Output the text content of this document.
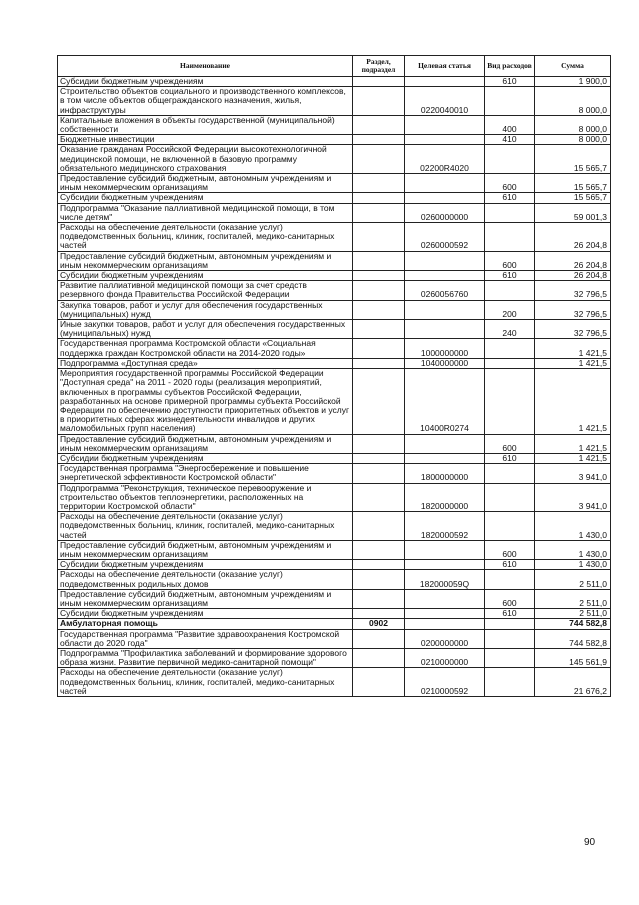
Наименование	Раздел, подраздел	Целевая статья	Вид расходов	Сумма
Субсидии бюджетным учреждениям			610	1 900,0
Строительство объектов социального и производственного комплексов, в том числе объектов общегражданского назначения, жилья, инфраструктуры		0220040010		8 000,0
Капитальные вложения в объекты государственной (муниципальной) собственности			400	8 000,0
Бюджетные инвестиции			410	8 000,0
Оказание гражданам Российской Федерации высокотехнологичной медицинской помощи, не включенной в базовую программу обязательного медицинского страхования		02200R4020		15 565,7
Предоставление субсидий бюджетным, автономным учреждениям и иным некоммерческим организациям			600	15 565,7
Субсидии бюджетным учреждениям			610	15 565,7
Подпрограмма "Оказание паллиативной медицинской помощи, в том числе детям"		0260000000		59 001,3
Расходы на обеспечение деятельности (оказание услуг) подведомственных больниц, клиник, госпиталей, медико-санитарных частей		0260000592		26 204,8
Предоставление субсидий бюджетным, автономным учреждениям и иным некоммерческим организациям			600	26 204,8
Субсидии бюджетным учреждениям			610	26 204,8
Развитие паллиативной медицинской помощи за счет средств резервного фонда Правительства Российской Федерации		0260056760		32 796,5
Закупка товаров, работ и услуг для обеспечения государственных (муниципальных) нужд			200	32 796,5
Иные закупки товаров, работ и услуг для обеспечения государственных (муниципальных) нужд			240	32 796,5
Государственная программа Костромской области «Социальная поддержка граждан Костромской области на 2014-2020 годы»		1000000000		1 421,5
Подпрограмма «Доступная среда»		1040000000		1 421,5
Мероприятия государственной программы Российской Федерации "Доступная среда" на 2011 - 2020 годы (реализация мероприятий, включенных в программы субъектов Российской Федерации, разработанных на основе примерной программы субъекта Российской Федерации по обеспечению доступности приоритетных объектов и услуг в приоритетных сферах жизнедеятельности инвалидов и других маломобильных групп населения)		10400R0274		1 421,5
Предоставление субсидий бюджетным, автономным учреждениям и иным некоммерческим организациям			600	1 421,5
Субсидии бюджетным учреждениям			610	1 421,5
Государственная программа "Энергосбережение и повышение энергетической эффективности Костромской области"		1800000000		3 941,0
Подпрограмма "Реконструкция, техническое перевооружение и строительство объектов теплоэнергетики, расположенных на территории Костромской области"		1820000000		3 941,0
Расходы на обеспечение деятельности (оказание услуг) подведомственных больниц, клиник, госпиталей, медико-санитарных частей		1820000592		1 430,0
Предоставление субсидий бюджетным, автономным учреждениям и иным некоммерческим организациям			600	1 430,0
Субсидии бюджетным учреждениям			610	1 430,0
Расходы на обеспечение деятельности (оказание услуг) подведомственных родильных домов		182000059Q		2 511,0
Предоставление субсидий бюджетным, автономным учреждениям и иным некоммерческим организациям			600	2 511,0
Субсидии бюджетным учреждениям			610	2 511,0
Амбулаторная помощь	0902			744 582,8
Государственная программа "Развитие здравоохранения Костромской области до 2020 года"		0200000000		744 582,8
Подпрограмма "Профилактика заболеваний и формирование здорового образа жизни. Развитие первичной медико-санитарной помощи"		0210000000		145 561,9
Расходы на обеспечение деятельности (оказание услуг) подведомственных больниц, клиник, госпиталей, медико-санитарных частей		0210000592		21 676,2
90
